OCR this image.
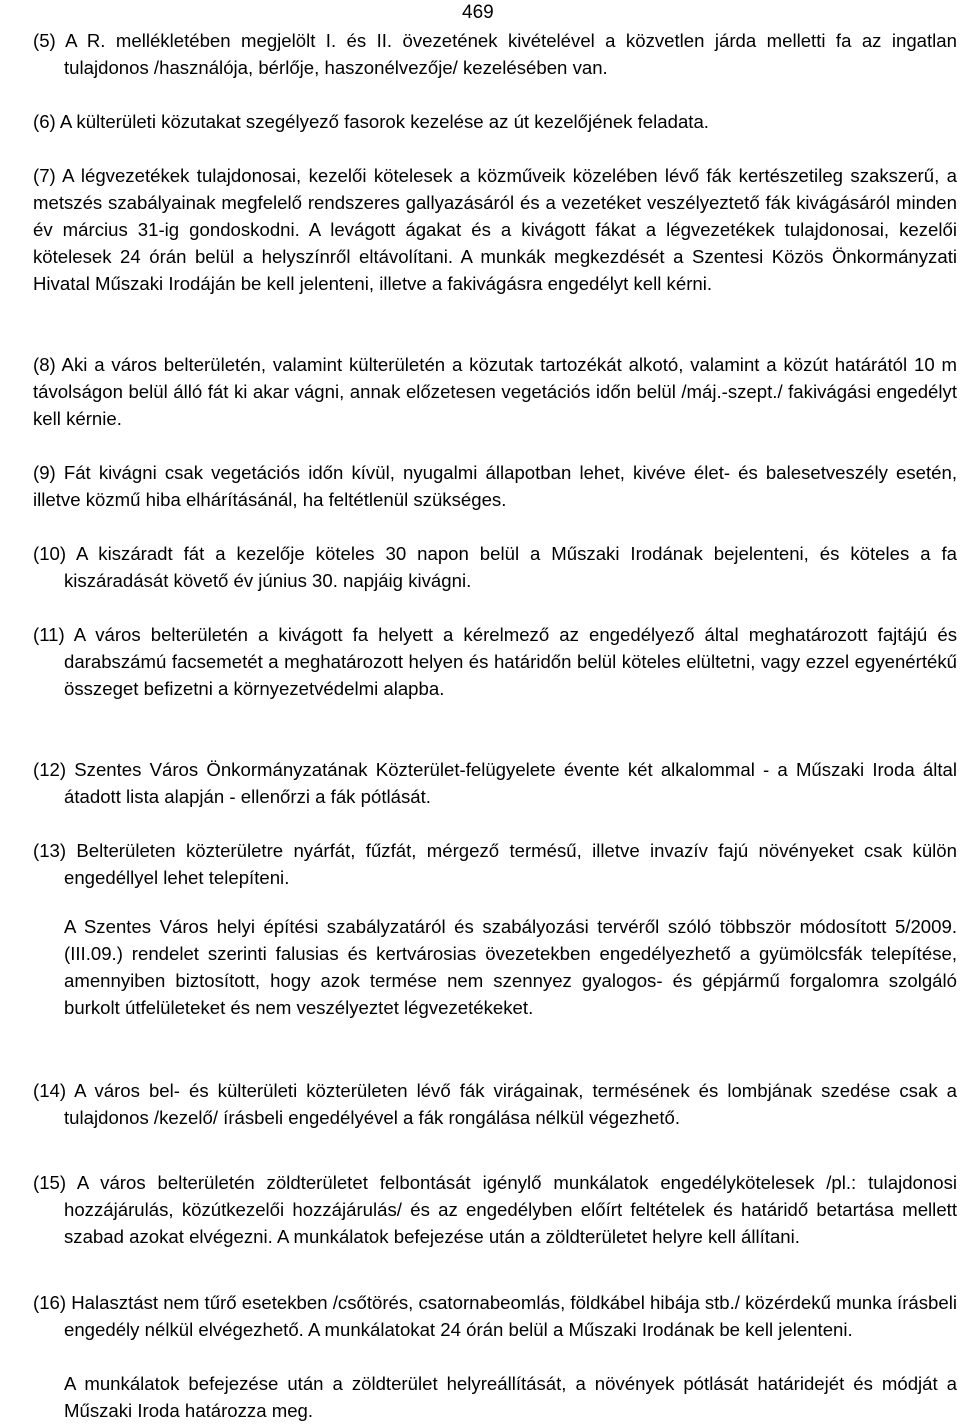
469

(5) A R. mellékletében megjelölt I. és II. övezetének kivételével a közvetlen járda melletti fa az ingatlan tulajdonos /használója, bérlője, haszonélvezője/ kezelésében van.

(6) A külterületi közutakat szegélyező fasorok kezelése az út kezelőjének feladata.

(7) A légvezetékek tulajdonosai, kezelői kötelesek a közműveik közelében lévő fák kertészetileg szakszerű, a metszés szabályainak megfelelő rendszeres gallyazásáról és a vezetéket veszélyeztető fák kivágásáról minden év március 31-ig gondoskodni. A levágott ágakat és a kivágott fákat a légvezetékek tulajdonosai, kezelői kötelesek 24 órán belül a helyszínről eltávolítani. A munkák megkezdését a Szentesi Közös Önkormányzati Hivatal Műszaki Irodáján be kell jelenteni, illetve a fakivágásra engedélyt kell kérni.

(8) Aki a város belterületén, valamint külterületén a közutak tartozékát alkotó, valamint a közút határától 10 m távolságon belül álló fát ki akar vágni, annak előzetesen vegetációs időn belül /máj.-szept./ fakivágási engedélyt kell kérnie.

(9) Fát kivágni csak vegetációs időn kívül, nyugalmi állapotban lehet, kivéve élet- és balesetveszély esetén, illetve közmű hiba elhárításánál, ha feltétlenül szükséges.

(10) A kiszáradt fát a kezelője köteles 30 napon belül a Műszaki Irodának bejelenteni, és köteles a fa kiszáradását követő év június 30. napjáig kivágni.

(11) A város belterületén a kivágott fa helyett a kérelmező az engedélyező által meghatározott fajtájú és darabszámú facsemetét a meghatározott helyen és határidőn belül köteles elültetni, vagy ezzel egyenértékű összeget befizetni a környezetvédelmi alapba.

(12) Szentes Város Önkormányzatának Közterület-felügyelete évente két alkalommal - a Műszaki Iroda által átadott lista alapján - ellenőrzi a fák pótlását.

(13) Belterületen közterületre nyárfát, fűzfát, mérgező termésű, illetve invazív fajú növényeket csak külön engedéllyel lehet telepíteni.

A Szentes Város helyi építési szabályzatáról és szabályozási tervéről szóló többször módosított 5/2009. (III.09.) rendelet szerinti falusias és kertvárosias övezetekben engedélyezhető a gyümölcsfák telepítése, amennyiben biztosított, hogy azok termése nem szennyez gyalogos- és gépjármű forgalomra szolgáló burkolt útfelületeket és nem veszélyeztet légvezetékeket.

(14) A város bel- és külterületi közterületen lévő fák virágainak, termésének és lombjának szedése csak a tulajdonos /kezelő/ írásbeli engedélyével a fák rongálása nélkül végezhető.

(15) A város belterületén zöldterületet felbontását igénylő munkálatok engedélykötelesek /pl.: tulajdonosi hozzájárulás, közútkezelői hozzájárulás/ és az engedélyben előírt feltételek és határidő betartása mellett szabad azokat elvégezni. A munkálatok befejezése után a zöldterületet helyre kell állítani.

(16) Halasztást nem tűrő esetekben /csőtörés, csatornabeomlás, földkábel hibája stb./ közérdekű munka írásbeli engedély nélkül elvégezhető. A munkálatokat 24 órán belül a Műszaki Irodának be kell jelenteni.

A munkálatok befejezése után a zöldterület helyreállítását, a növények pótlását határidejét és módját a Műszaki Iroda határozza meg.
